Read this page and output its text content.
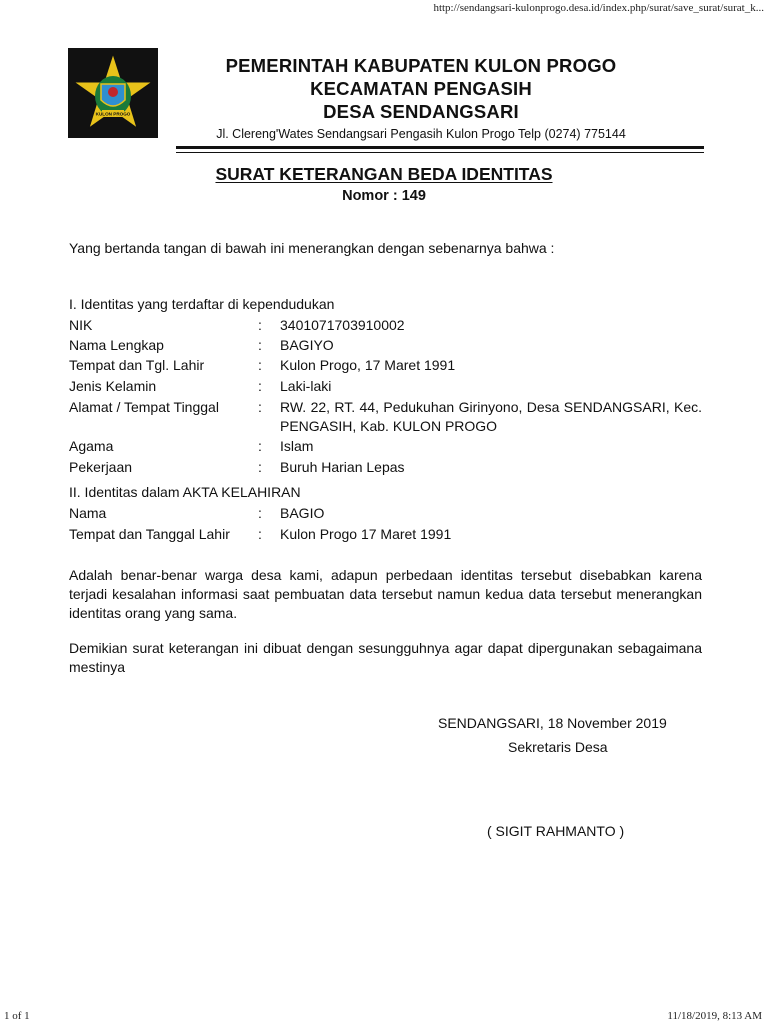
http://sendangsari-kulonprogo.desa.id/index.php/surat/save_surat/surat_k...
KULON PROGO
PEMERINTAH KABUPATEN KULON PROGO
KECAMATAN PENGASIH
DESA SENDANGSARI
Jl. Clereng'Wates Sendangsari Pengasih Kulon Progo Telp (0274) 775144
SURAT KETERANGAN BEDA IDENTITAS
Nomor : 149
Yang bertanda tangan di bawah ini menerangkan dengan sebenarnya bahwa :
I. Identitas yang terdaftar di kependudukan
NIK	: 3401071703910002
Nama Lengkap	: BAGIYO
Tempat dan Tgl. Lahir	: Kulon Progo, 17 Maret 1991
Jenis Kelamin	: Laki-laki
Alamat / Tempat Tinggal	: RW. 22, RT. 44, Pedukuhan Girinyono, Desa SENDANGSARI, Kec. PENGASIH, Kab. KULON PROGO
Agama	: Islam
Pekerjaan	: Buruh Harian Lepas
II. Identitas dalam AKTA KELAHIRAN
Nama	: BAGIO
Tempat dan Tanggal Lahir : Kulon Progo 17 Maret 1991
Adalah benar-benar warga desa kami, adapun perbedaan identitas tersebut disebabkan karena terjadi kesalahan informasi saat pembuatan data tersebut namun kedua data tersebut menerangkan identitas orang yang sama.
Demikian surat keterangan ini dibuat dengan sesungguhnya agar dapat dipergunakan sebagaimana mestinya
SENDANGSARI, 18 November 2019
Sekretaris Desa
( SIGIT RAHMANTO )
1 of 1	11/18/2019, 8:13 AM
